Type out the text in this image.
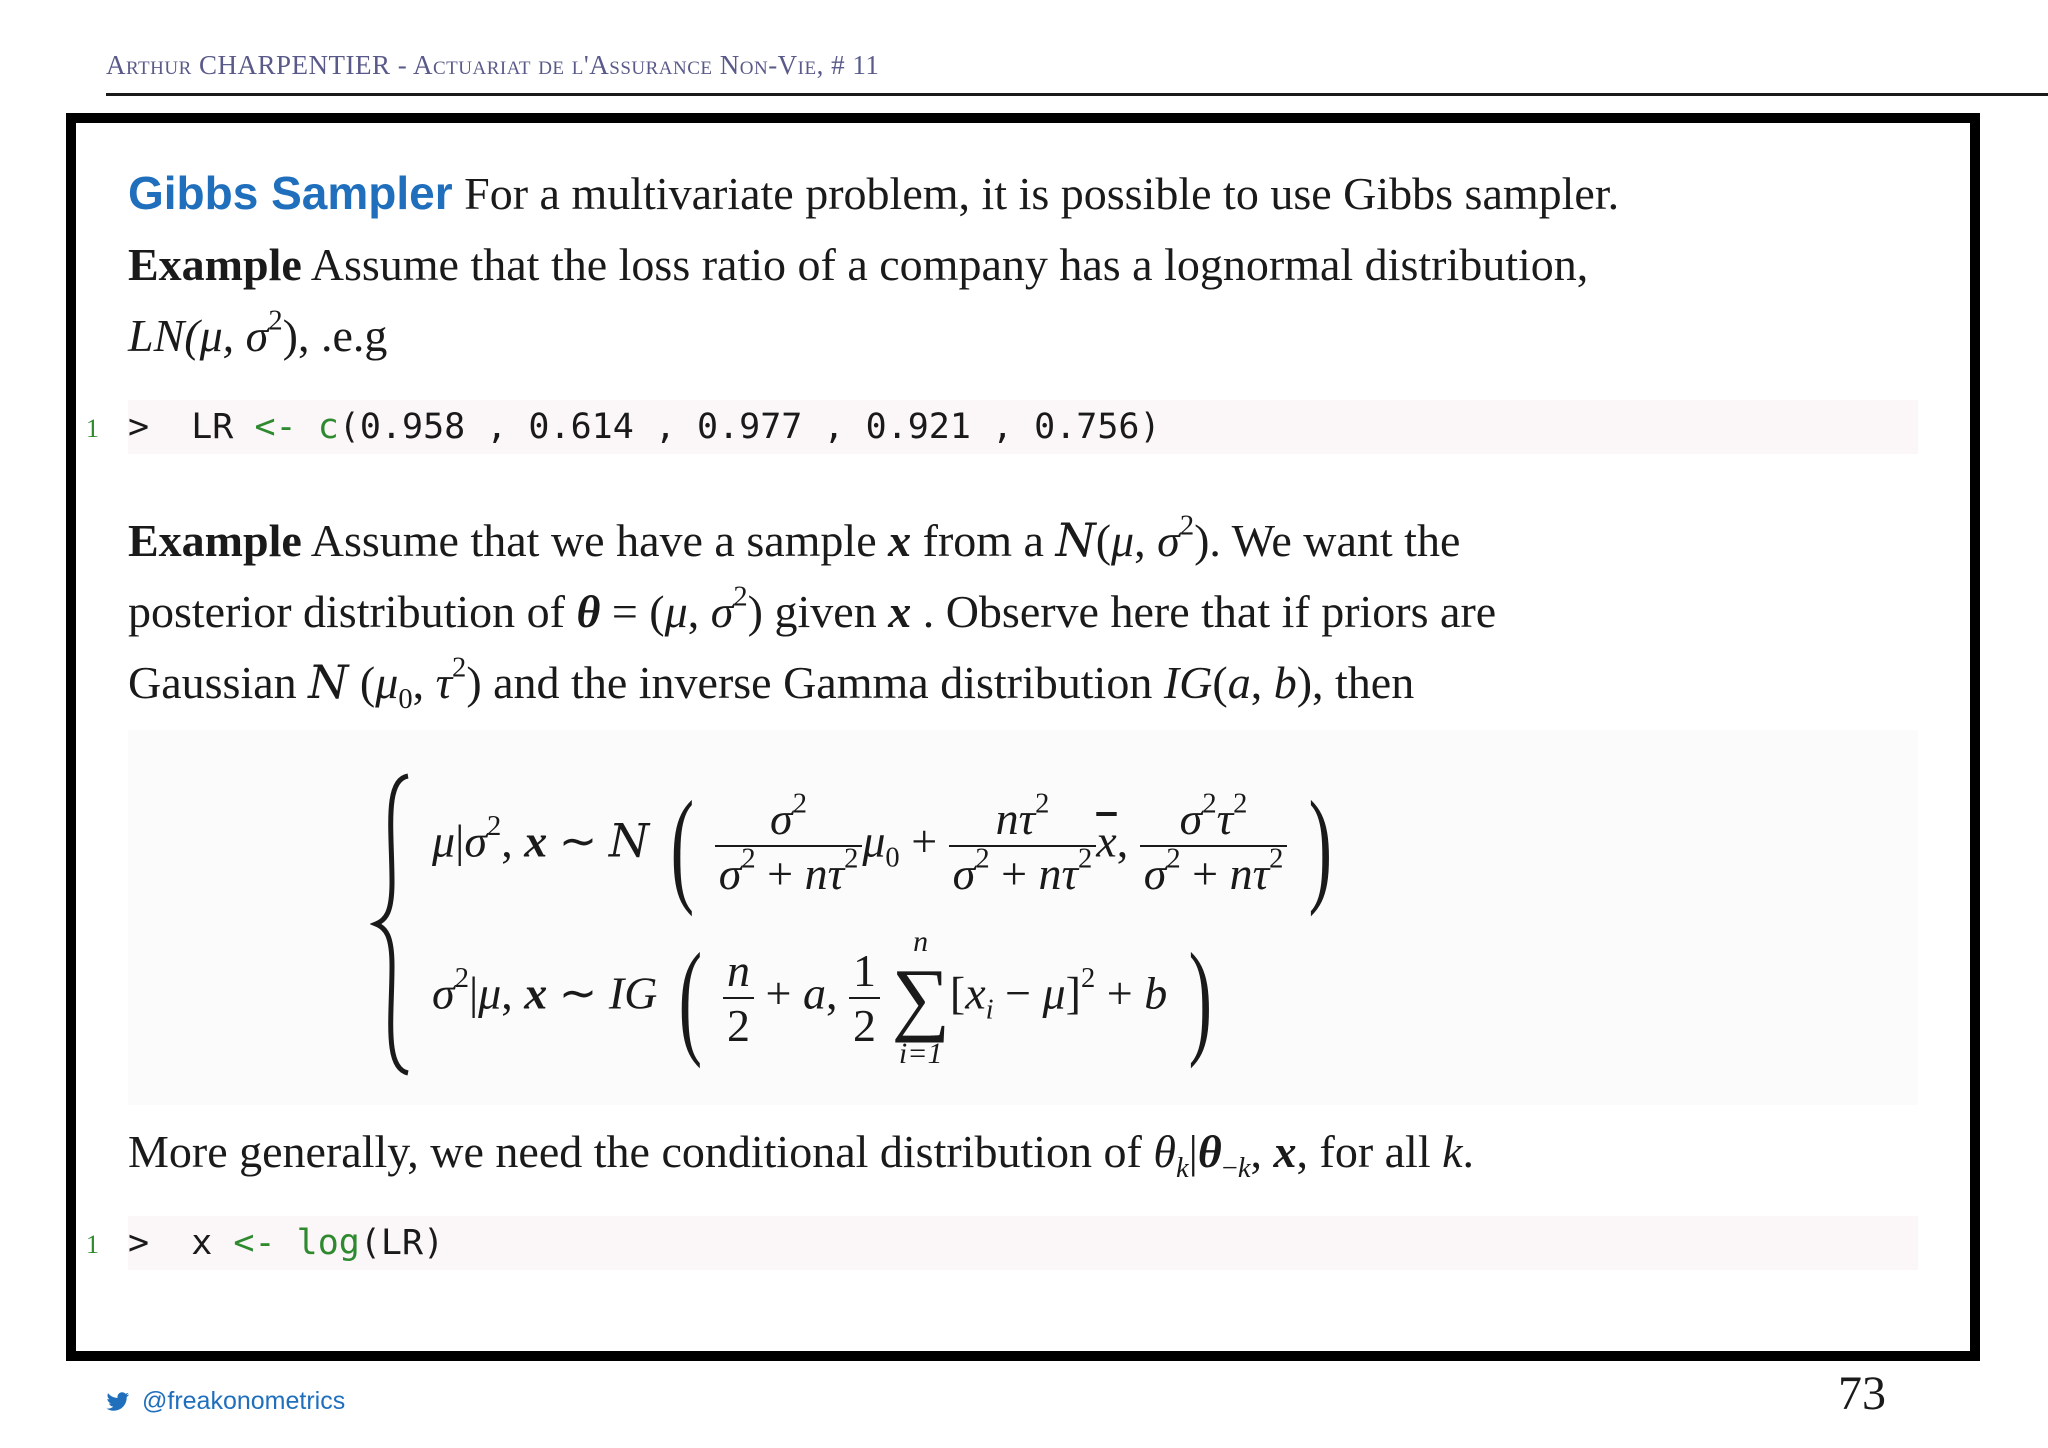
Arthur CHARPENTIER - Actuariat de l'Assurance Non-Vie, # 11
Gibbs Sampler For a multivariate problem, it is possible to use Gibbs sampler.
Example Assume that the loss ratio of a company has a lognormal distribution,
LN(μ, $\sigma^2$), .e.g
1 > LR <- c(0.958 , 0.614 , 0.977 , 0.921 , 0.756)
Example Assume that we have a sample x from a N(μ, $\sigma^2$). We want the
posterior distribution of θ = (μ, $\sigma^2$) given x . Observe here that if priors are
Gaussian N ($\mu_0$, $\tau^2$) and the inverse Gamma distribution IG(a, b), then
$\mu|\sigma^2$, x ∼ N ( $\frac{\sigma^2}{\sigma^2 + n\tau^2} \mu_0 + \frac{n\tau^2}{\sigma^2 + n\tau^2} \overline{x}$, $\frac{\sigma^2\tau^2}{\sigma^2 + n\tau^2}$ )
$\sigma^2|\mu$, x ∼ IG ( $\frac{n}{2} + a$, $\frac{1}{2}$

n
∑
i=1
$[x_i - \mu]^2 + b$ )
More generally, we need the conditional distribution of $\theta_k|\theta_{-k}$, x, for all k.
1 > x <- log(LR)
@freakonometrics	73
